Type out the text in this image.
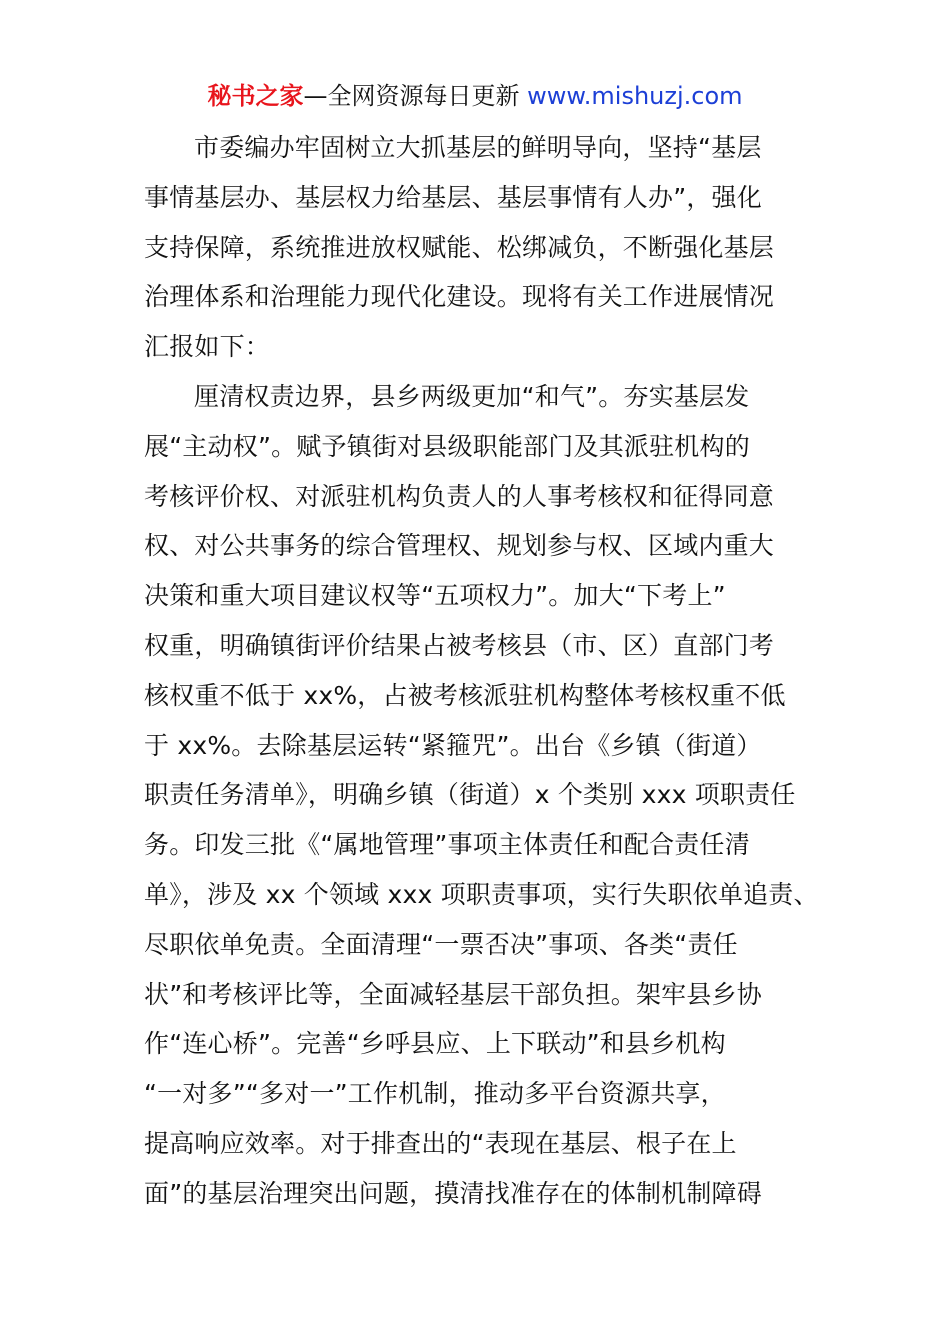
秘书之家—全网资源每日更新 www.mishuzj.com
市委编办牢固树立大抓基层的鲜明导向，坚持“基层
事情基层办、基层权力给基层、基层事情有人办”，强化
支持保障，系统推进放权赋能、松绑减负，不断强化基层
治理体系和治理能力现代化建设。现将有关工作进展情况
汇报如下：
厘清权责边界，县乡两级更加“和气”。夯实基层发
展“主动权”。赋予镇街对县级职能部门及其派驻机构的
考核评价权、对派驻机构负责人的人事考核权和征得同意
权、对公共事务的综合管理权、规划参与权、区域内重大
决策和重大项目建议权等“五项权力”。加大“下考上”
权重，明确镇街评价结果占被考核县（市、区）直部门考
核权重不低于 xx%，占被考核派驻机构整体考核权重不低
于 xx%。去除基层运转“紧箍咒”。出台《乡镇（街道）
职责任务清单》，明确乡镇（街道）x 个类别 xxx 项职责任
务。印发三批《“属地管理”事项主体责任和配合责任清
单》，涉及 xx 个领域 xxx 项职责事项，实行失职依单追责、
尽职依单免责。全面清理“一票否决”事项、各类“责任
状”和考核评比等，全面减轻基层干部负担。架牢县乡协
作“连心桥”。完善“乡呼县应、上下联动”和县乡机构
“一对多”“多对一”工作机制，推动多平台资源共享，
提高响应效率。对于排查出的“表现在基层、根子在上
面”的基层治理突出问题，摸清找准存在的体制机制障碍
